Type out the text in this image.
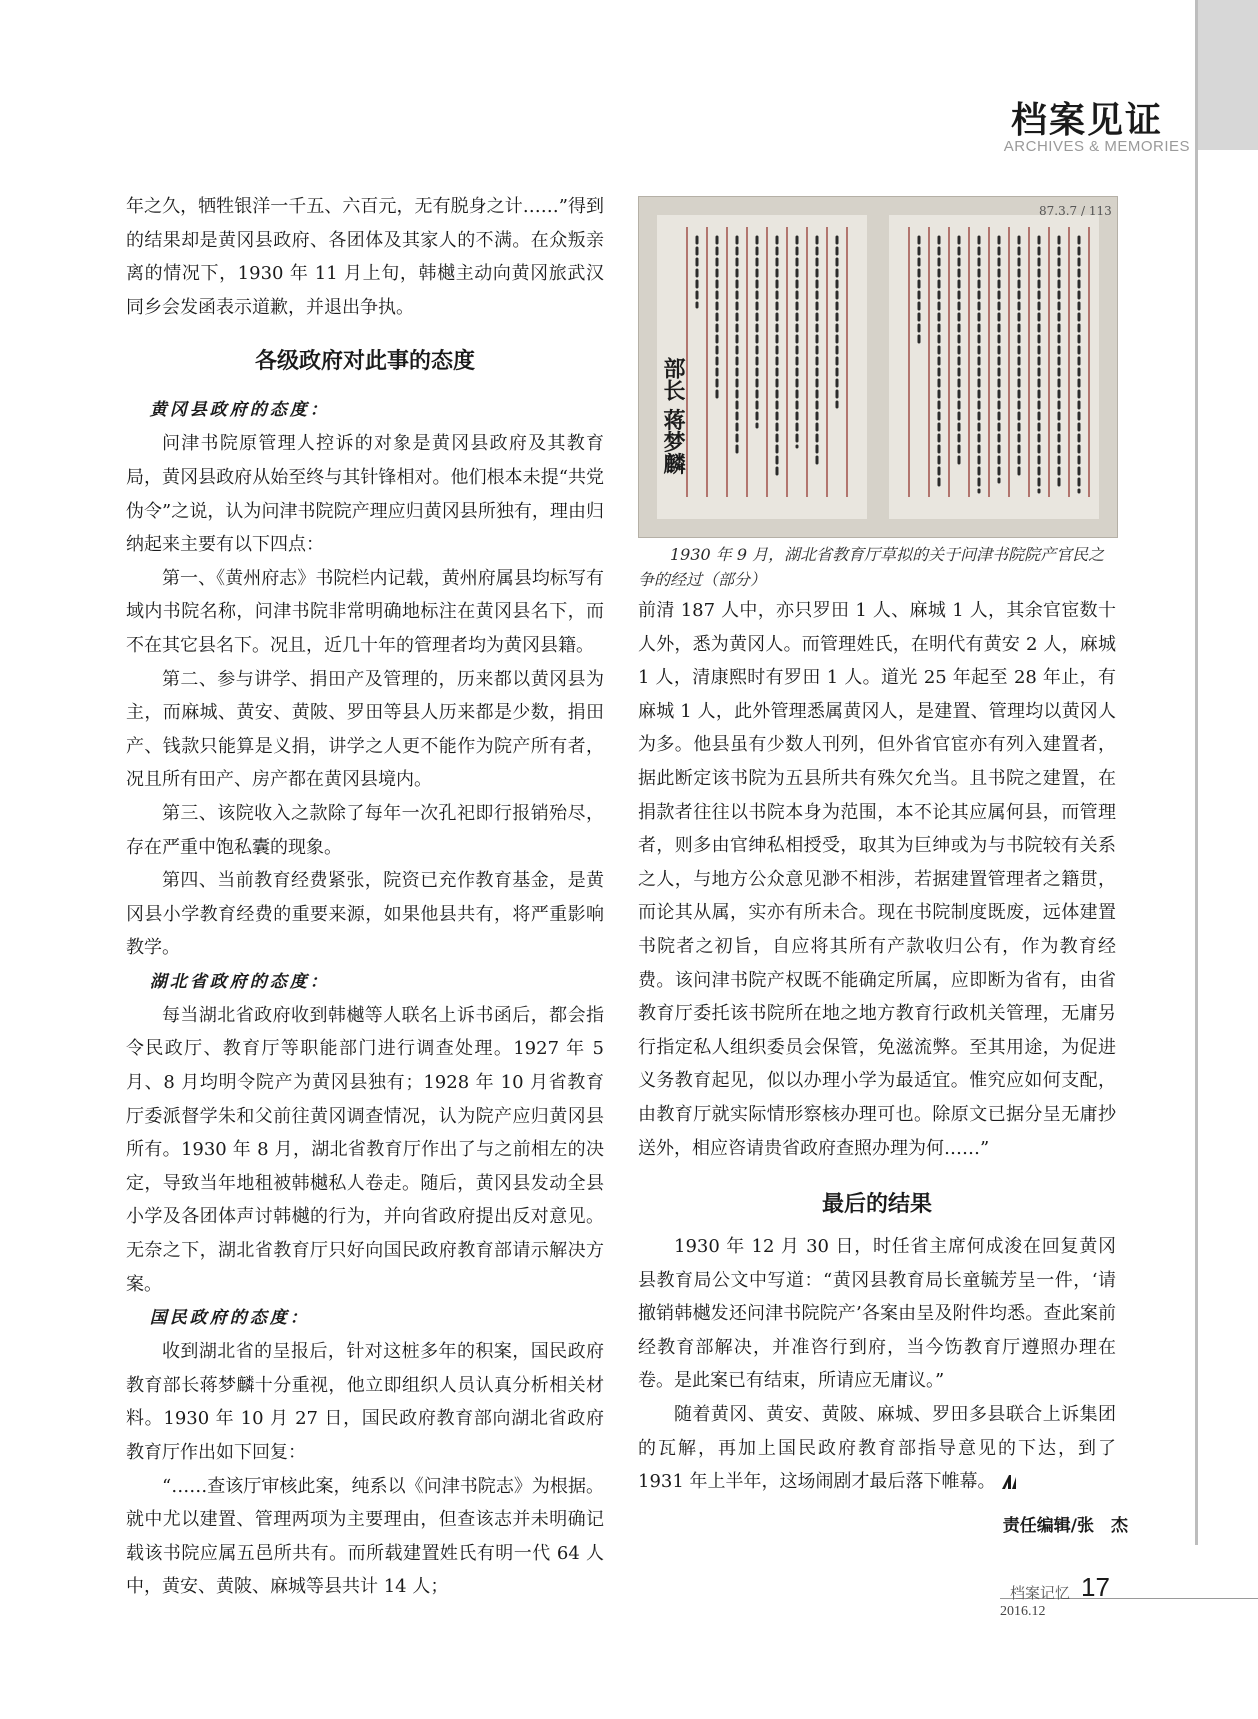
档案见证
ARCHIVES & MEMORIES

年之久，牺牲银洋一千五、六百元，无有脱身之计……”得到的结果却是黄冈县政府、各团体及其家人的不满。在众叛亲离的情况下，1930 年 11 月上旬，韩樾主动向黄冈旅武汉同乡会发函表示道歉，并退出争执。

各级政府对此事的态度
黄冈县政府的态度：

问津书院原管理人控诉的对象是黄冈县政府及其教育局，黄冈县政府从始至终与其针锋相对。他们根本未提“共党伪令”之说，认为问津书院院产理应归黄冈县所独有，理由归纳起来主要有以下四点：

第一、《黄州府志》书院栏内记载，黄州府属县均标写有域内书院名称，问津书院非常明确地标注在黄冈县名下，而不在其它县名下。况且，近几十年的管理者均为黄冈县籍。

第二、参与讲学、捐田产及管理的，历来都以黄冈县为主，而麻城、黄安、黄陂、罗田等县人历来都是少数，捐田产、钱款只能算是义捐，讲学之人更不能作为院产所有者，况且所有田产、房产都在黄冈县境内。

第三、该院收入之款除了每年一次孔祀即行报销殆尽，存在严重中饱私囊的现象。

第四、当前教育经费紧张，院资已充作教育基金，是黄冈县小学教育经费的重要来源，如果他县共有，将严重影响教学。

湖北省政府的态度：

每当湖北省政府收到韩樾等人联名上诉书函后，都会指令民政厅、教育厅等职能部门进行调查处理。1927 年 5 月、8 月均明令院产为黄冈县独有；1928 年 10 月省教育厅委派督学朱和父前往黄冈调查情况，认为院产应归黄冈县所有。1930 年 8 月，湖北省教育厅作出了与之前相左的决定，导致当年地租被韩樾私人卷走。随后，黄冈县发动全县小学及各团体声讨韩樾的行为，并向省政府提出反对意见。无奈之下，湖北省教育厅只好向国民政府教育部请示解决方案。

国民政府的态度：

收到湖北省的呈报后，针对这桩多年的积案，国民政府教育部长蒋梦麟十分重视，他立即组织人员认真分析相关材料。1930 年 10 月 27 日，国民政府教育部向湖北省政府教育厅作出如下回复：

“……查该厅审核此案，纯系以《问津书院志》为根据。就中尤以建置、管理两项为主要理由，但查该志并未明确记载该书院应属五邑所共有。而所载建置姓氏有明一代 64 人中，黄安、黄陂、麻城等县共计 14 人；

87.3.7 / 113
部长 蒋梦麟
1930 年 9 月，湖北省教育厅草拟的关于问津书院院产官民之争的经过（部分）

前清 187 人中，亦只罗田 1 人、麻城 1 人，其余官宦数十人外，悉为黄冈人。而管理姓氏，在明代有黄安 2 人，麻城 1 人，清康熙时有罗田 1 人。道光 25 年起至 28 年止，有麻城 1 人，此外管理悉属黄冈人，是建置、管理均以黄冈人为多。他县虽有少数人刊列，但外省官宦亦有列入建置者，据此断定该书院为五县所共有殊欠允当。且书院之建置，在捐款者往往以书院本身为范围，本不论其应属何县，而管理者，则多由官绅私相授受，取其为巨绅或为与书院较有关系之人，与地方公众意见渺不相涉，若据建置管理者之籍贯，而论其从属，实亦有所未合。现在书院制度既废，远体建置书院者之初旨，自应将其所有产款收归公有，作为教育经费。该问津书院产权既不能确定所属，应即断为省有，由省教育厅委托该书院所在地之地方教育行政机关管理，无庸另行指定私人组织委员会保管，免滋流弊。至其用途，为促进义务教育起见，似以办理小学为最适宜。惟究应如何支配，由教育厅就实际情形察核办理可也。除原文已据分呈无庸抄送外，相应咨请贵省政府查照办理为何……”

最后的结果

1930 年 12 月 30 日，时任省主席何成浚在回复黄冈县教育局公文中写道：“黄冈县教育局长童毓芳呈一件，‘请撤销韩樾发还问津书院院产’各案由呈及附件均悉。查此案前经教育部解决，并准咨行到府，当今饬教育厅遵照办理在卷。是此案已有结束，所请应无庸议。”

随着黄冈、黄安、黄陂、麻城、罗田多县联合上诉集团的瓦解，再加上国民政府教育部指导意见的下达，到了 1931 年上半年，这场闹剧才最后落下帷幕。

责任编辑/张　杰
档案记忆 17
2016.12
